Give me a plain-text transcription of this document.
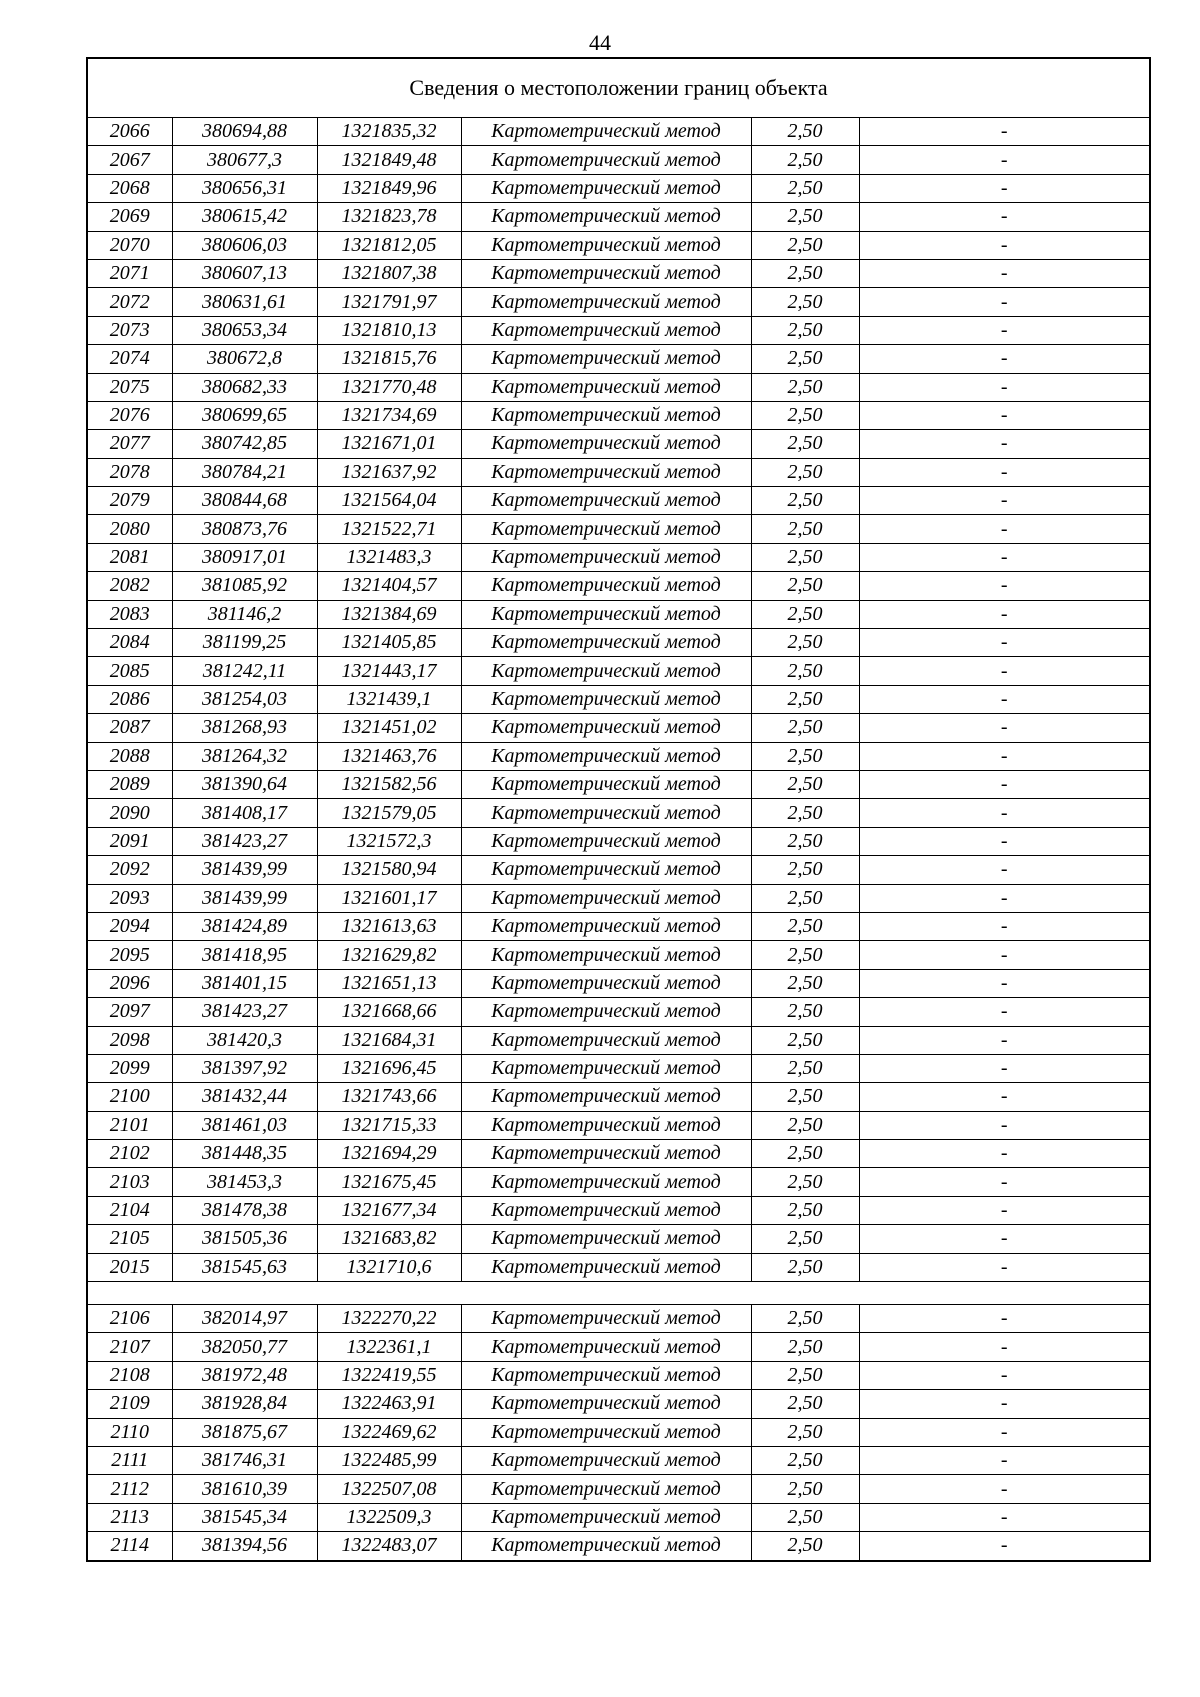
44
Сведения о местоположении границ объекта					
2066	380694,88	1321835,32	Картометрический метод	2,50	-
2067	380677,3	1321849,48	Картометрический метод	2,50	-
2068	380656,31	1321849,96	Картометрический метод	2,50	-
2069	380615,42	1321823,78	Картометрический метод	2,50	-
2070	380606,03	1321812,05	Картометрический метод	2,50	-
2071	380607,13	1321807,38	Картометрический метод	2,50	-
2072	380631,61	1321791,97	Картометрический метод	2,50	-
2073	380653,34	1321810,13	Картометрический метод	2,50	-
2074	380672,8	1321815,76	Картометрический метод	2,50	-
2075	380682,33	1321770,48	Картометрический метод	2,50	-
2076	380699,65	1321734,69	Картометрический метод	2,50	-
2077	380742,85	1321671,01	Картометрический метод	2,50	-
2078	380784,21	1321637,92	Картометрический метод	2,50	-
2079	380844,68	1321564,04	Картометрический метод	2,50	-
2080	380873,76	1321522,71	Картометрический метод	2,50	-
2081	380917,01	1321483,3	Картометрический метод	2,50	-
2082	381085,92	1321404,57	Картометрический метод	2,50	-
2083	381146,2	1321384,69	Картометрический метод	2,50	-
2084	381199,25	1321405,85	Картометрический метод	2,50	-
2085	381242,11	1321443,17	Картометрический метод	2,50	-
2086	381254,03	1321439,1	Картометрический метод	2,50	-
2087	381268,93	1321451,02	Картометрический метод	2,50	-
2088	381264,32	1321463,76	Картометрический метод	2,50	-
2089	381390,64	1321582,56	Картометрический метод	2,50	-
2090	381408,17	1321579,05	Картометрический метод	2,50	-
2091	381423,27	1321572,3	Картометрический метод	2,50	-
2092	381439,99	1321580,94	Картометрический метод	2,50	-
2093	381439,99	1321601,17	Картометрический метод	2,50	-
2094	381424,89	1321613,63	Картометрический метод	2,50	-
2095	381418,95	1321629,82	Картометрический метод	2,50	-
2096	381401,15	1321651,13	Картометрический метод	2,50	-
2097	381423,27	1321668,66	Картометрический метод	2,50	-
2098	381420,3	1321684,31	Картометрический метод	2,50	-
2099	381397,92	1321696,45	Картометрический метод	2,50	-
2100	381432,44	1321743,66	Картометрический метод	2,50	-
2101	381461,03	1321715,33	Картометрический метод	2,50	-
2102	381448,35	1321694,29	Картометрический метод	2,50	-
2103	381453,3	1321675,45	Картометрический метод	2,50	-
2104	381478,38	1321677,34	Картометрический метод	2,50	-
2105	381505,36	1321683,82	Картометрический метод	2,50	-
2015	381545,63	1321710,6	Картометрический метод	2,50	-

2106	382014,97	1322270,22	Картометрический метод	2,50	-
2107	382050,77	1322361,1	Картометрический метод	2,50	-
2108	381972,48	1322419,55	Картометрический метод	2,50	-
2109	381928,84	1322463,91	Картометрический метод	2,50	-
2110	381875,67	1322469,62	Картометрический метод	2,50	-
2111	381746,31	1322485,99	Картометрический метод	2,50	-
2112	381610,39	1322507,08	Картометрический метод	2,50	-
2113	381545,34	1322509,3	Картометрический метод	2,50	-
2114	381394,56	1322483,07	Картометрический метод	2,50	-
